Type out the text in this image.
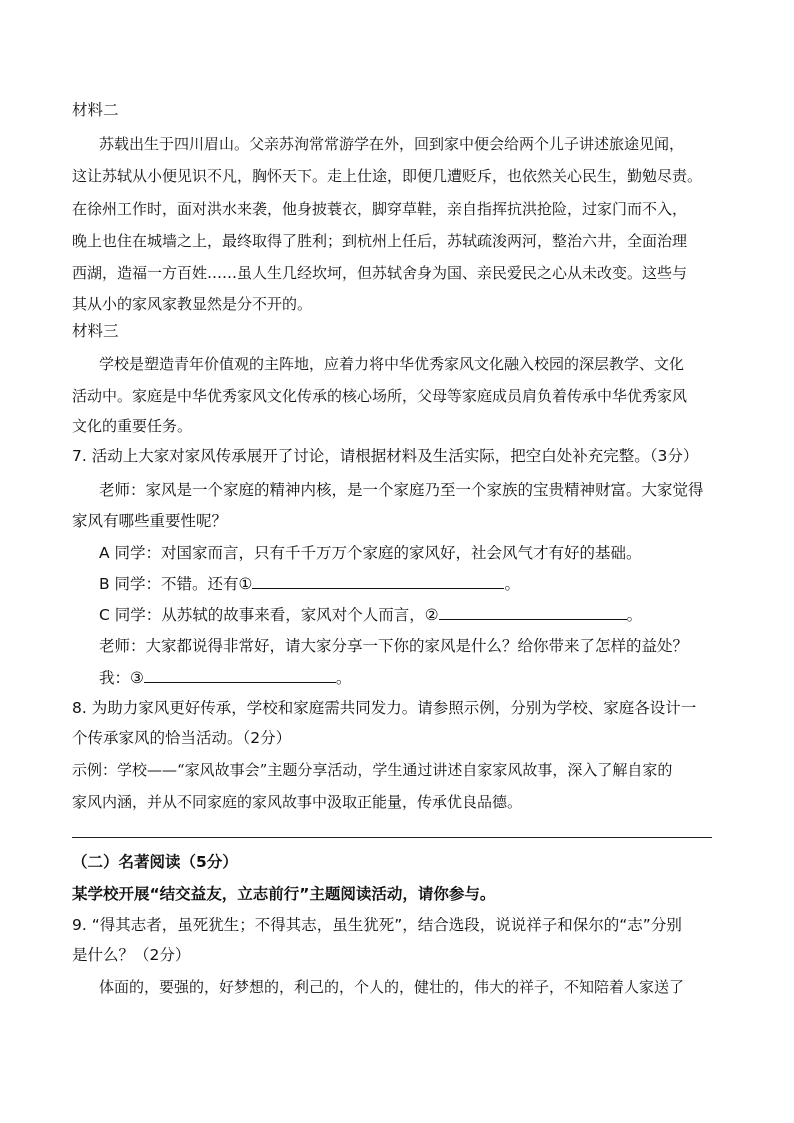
材料二
苏载出生于四川眉山。父亲苏洵常常游学在外，回到家中便会给两个儿子讲述旅途见闻，
这让苏轼从小便见识不凡，胸怀天下。走上仕途，即便几遭贬斥，也依然关心民生，勤勉尽责。
在徐州工作时，面对洪水来袭，他身披蓑衣，脚穿草鞋，亲自指挥抗洪抢险，过家门而不入，
晚上也住在城墙之上，最终取得了胜利；到杭州上任后，苏轼疏浚两河，整治六井，全面治理
西湖，造福一方百姓……虽人生几经坎坷，但苏轼舍身为国、亲民爱民之心从未改变。这些与
其从小的家风家教显然是分不开的。
材料三
学校是塑造青年价值观的主阵地，应着力将中华优秀家风文化融入校园的深层教学、文化
活动中。家庭是中华优秀家风文化传承的核心场所，父母等家庭成员肩负着传承中华优秀家风
文化的重要任务。
7. 活动上大家对家风传承展开了讨论，请根据材料及生活实际，把空白处补充完整。（3分）
老师：家风是一个家庭的精神内核，是一个家庭乃至一个家族的宝贵精神财富。大家觉得
家风有哪些重要性呢？
A 同学：对国家而言，只有千千万万个家庭的家风好，社会风气才有好的基础。
B 同学：不错。还有①	。
C 同学：从苏轼的故事来看，家风对个人而言，②	。
老师：大家都说得非常好，请大家分享一下你的家风是什么？给你带来了怎样的益处？
我：③	。
8. 为助力家风更好传承，学校和家庭需共同发力。请参照示例，分别为学校、家庭各设计一
个传承家风的恰当活动。（2分）
示例：学校——“家风故事会”主题分享活动，学生通过讲述自家家风故事，深入了解自家的
家风内涵，并从不同家庭的家风故事中汲取正能量，传承优良品德。
（二）名著阅读（5分）
某学校开展“结交益友，立志前行”主题阅读活动，请你参与。
9. “得其志者，虽死犹生；不得其志，虽生犹死”，结合选段，说说祥子和保尔的“志”分别
是什么？（2分）
体面的，要强的，好梦想的，利己的，个人的，健壮的，伟大的祥子，不知陪着人家送了
